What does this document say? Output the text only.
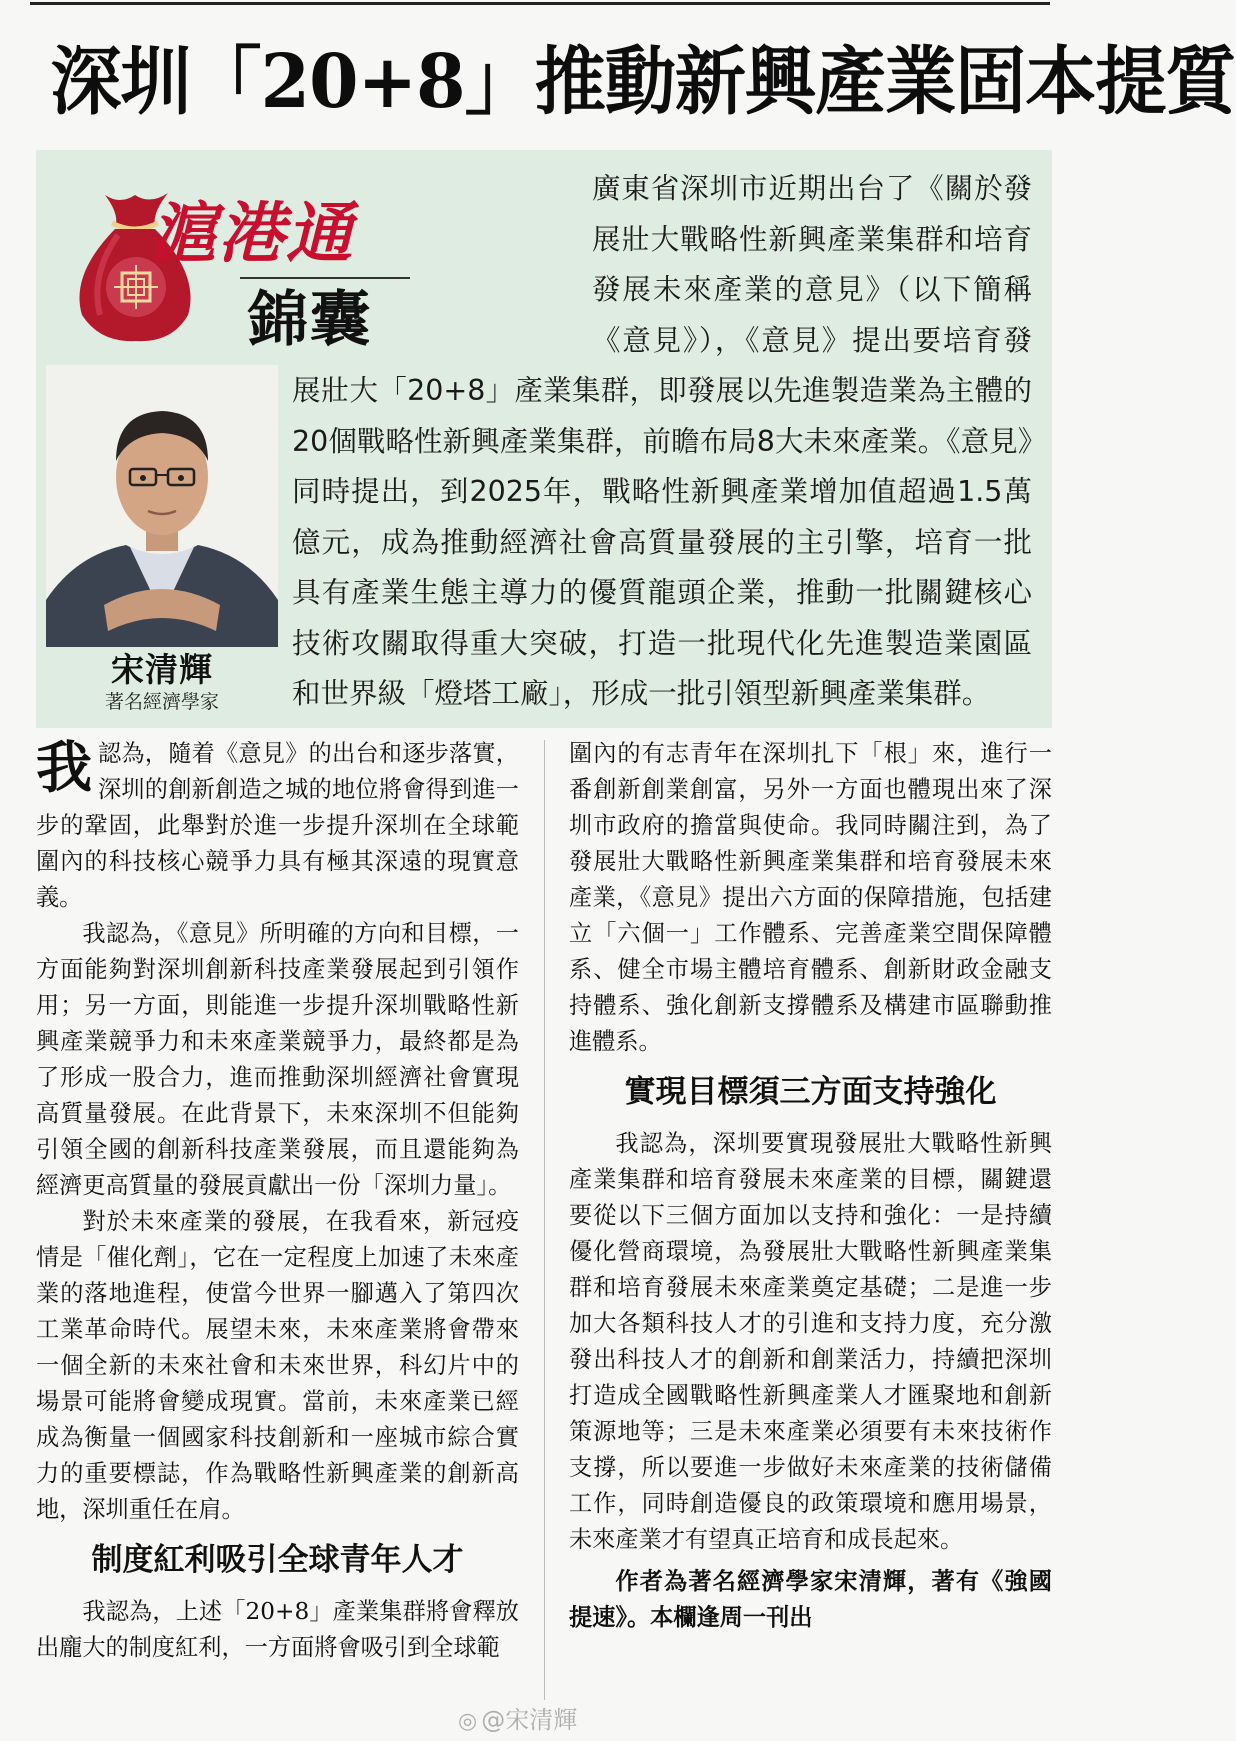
深圳「20+8」推動新興產業固本提質
滬港通
錦囊
宋清輝
著名經濟學家
廣東省深圳市近期出台了《關於發展壯大戰略性新興產業集群和培育發展未來產業的意見》（以下簡稱《意見》），《意見》提出要培育發展壯大「20+8」產業集群，即發展以先進製造業為主體的20個戰略性新興產業集群，前瞻布局8大未來產業。《意見》同時提出，到2025年，戰略性新興產業增加值超過1.5萬億元，成為推動經濟社會高質量發展的主引擎，培育一批具有產業生態主導力的優質龍頭企業，推動一批關鍵核心技術攻關取得重大突破，打造一批現代化先進製造業園區和世界級「燈塔工廠」，形成一批引領型新興產業集群。

我認為，隨着《意見》的出台和逐步落實，深圳的創新創造之城的地位將會得到進一步的鞏固，此舉對於進一步提升深圳在全球範圍內的科技核心競爭力具有極其深遠的現實意義。

我認為，《意見》所明確的方向和目標，一方面能夠對深圳創新科技產業發展起到引領作用；另一方面，則能進一步提升深圳戰略性新興產業競爭力和未來產業競爭力，最終都是為了形成一股合力，進而推動深圳經濟社會實現高質量發展。在此背景下，未來深圳不但能夠引領全國的創新科技產業發展，而且還能夠為經濟更高質量的發展貢獻出一份「深圳力量」。

對於未來產業的發展，在我看來，新冠疫情是「催化劑」，它在一定程度上加速了未來產業的落地進程，使當今世界一腳邁入了第四次工業革命時代。展望未來，未來產業將會帶來一個全新的未來社會和未來世界，科幻片中的場景可能將會變成現實。當前，未來產業已經成為衡量一個國家科技創新和一座城市綜合實力的重要標誌，作為戰略性新興產業的創新高地，深圳重任在肩。

制度紅利吸引全球青年人才

我認為，上述「20+8」產業集群將會釋放出龐大的制度紅利，一方面將會吸引到全球範

圍內的有志青年在深圳扎下「根」來，進行一番創新創業創富，另外一方面也體現出來了深圳市政府的擔當與使命。我同時關注到，為了發展壯大戰略性新興產業集群和培育發展未來產業，《意見》提出六方面的保障措施，包括建立「六個一」工作體系、完善產業空間保障體系、健全市場主體培育體系、創新財政金融支持體系、強化創新支撐體系及構建市區聯動推進體系。

實現目標須三方面支持強化

我認為，深圳要實現發展壯大戰略性新興產業集群和培育發展未來產業的目標，關鍵還要從以下三個方面加以支持和強化：一是持續優化營商環境，為發展壯大戰略性新興產業集群和培育發展未來產業奠定基礎；二是進一步加大各類科技人才的引進和支持力度，充分激發出科技人才的創新和創業活力，持續把深圳打造成全國戰略性新興產業人才匯聚地和創新策源地等；三是未來產業必須要有未來技術作支撐，所以要進一步做好未來產業的技術儲備工作，同時創造優良的政策環境和應用場景，未來產業才有望真正培育和成長起來。

作者為著名經濟學家宋清輝，著有《強國提速》。本欄逢周一刊出

◎ @宋清輝
